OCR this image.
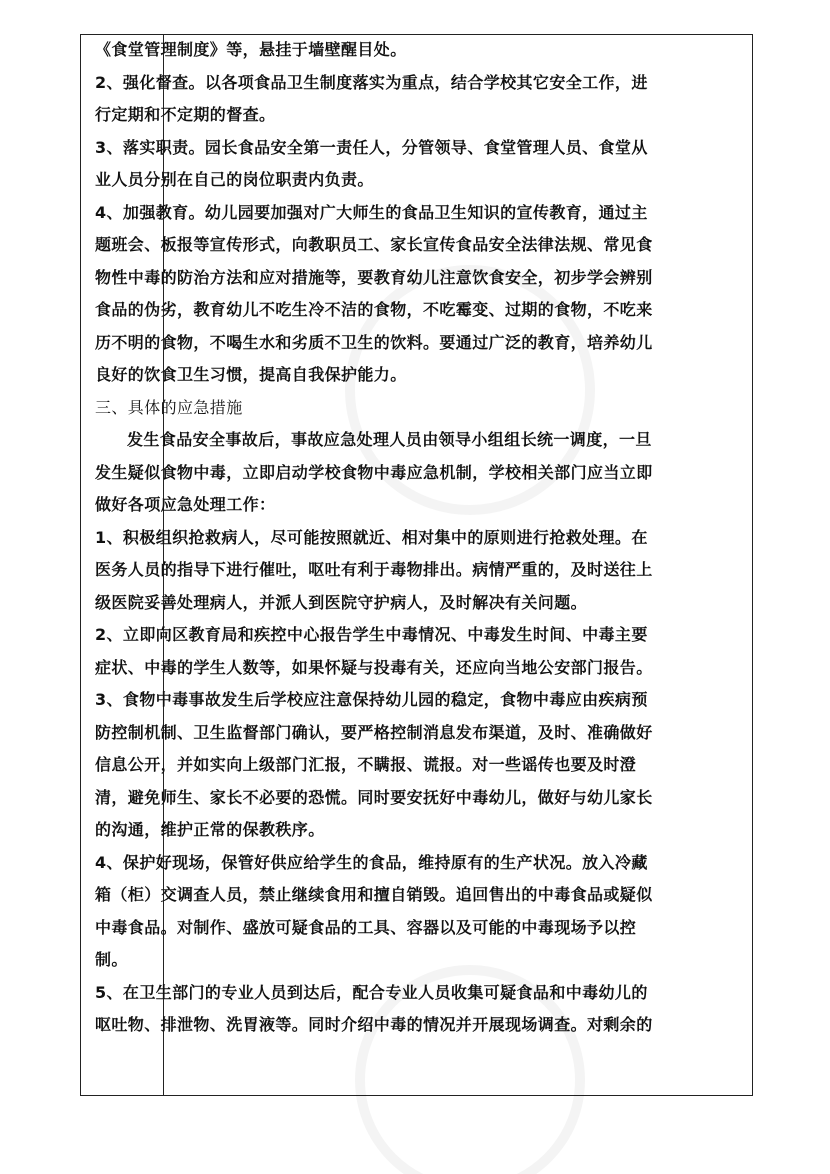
《食堂管理制度》等，悬挂于墙壁醒目处。
2、强化督查。以各项食品卫生制度落实为重点，结合学校其它安全工作，进
行定期和不定期的督查。
3、落实职责。园长食品安全第一责任人，分管领导、食堂管理人员、食堂从
业人员分别在自己的岗位职责内负责。
4、加强教育。幼儿园要加强对广大师生的食品卫生知识的宣传教育，通过主
题班会、板报等宣传形式，向教职员工、家长宣传食品安全法律法规、常见食
物性中毒的防治方法和应对措施等，要教育幼儿注意饮食安全，初步学会辨别
食品的伪劣，教育幼儿不吃生冷不洁的食物，不吃霉变、过期的食物，不吃来
历不明的食物，不喝生水和劣质不卫生的饮料。要通过广泛的教育，培养幼儿
良好的饮食卫生习惯，提高自我保护能力。
三、具体的应急措施
发生食品安全事故后，事故应急处理人员由领导小组组长统一调度，一旦
发生疑似食物中毒，立即启动学校食物中毒应急机制，学校相关部门应当立即
做好各项应急处理工作：
1、积极组织抢救病人，尽可能按照就近、相对集中的原则进行抢救处理。在
医务人员的指导下进行催吐，呕吐有利于毒物排出。病情严重的，及时送往上
级医院妥善处理病人，并派人到医院守护病人，及时解决有关问题。
2、立即向区教育局和疾控中心报告学生中毒情况、中毒发生时间、中毒主要
症状、中毒的学生人数等，如果怀疑与投毒有关，还应向当地公安部门报告。
3、食物中毒事故发生后学校应注意保持幼儿园的稳定，食物中毒应由疾病预
防控制机制、卫生监督部门确认，要严格控制消息发布渠道，及时、准确做好
信息公开，并如实向上级部门汇报，不瞒报、谎报。对一些谣传也要及时澄
清，避免师生、家长不必要的恐慌。同时要安抚好中毒幼儿，做好与幼儿家长
的沟通，维护正常的保教秩序。
4、保护好现场，保管好供应给学生的食品，维持原有的生产状况。放入冷藏
箱（柜）交调查人员，禁止继续食用和擅自销毁。追回售出的中毒食品或疑似
中毒食品。对制作、盛放可疑食品的工具、容器以及可能的中毒现场予以控
制。
5、在卫生部门的专业人员到达后，配合专业人员收集可疑食品和中毒幼儿的
呕吐物、排泄物、洗胃液等。同时介绍中毒的情况并开展现场调查。对剩余的
